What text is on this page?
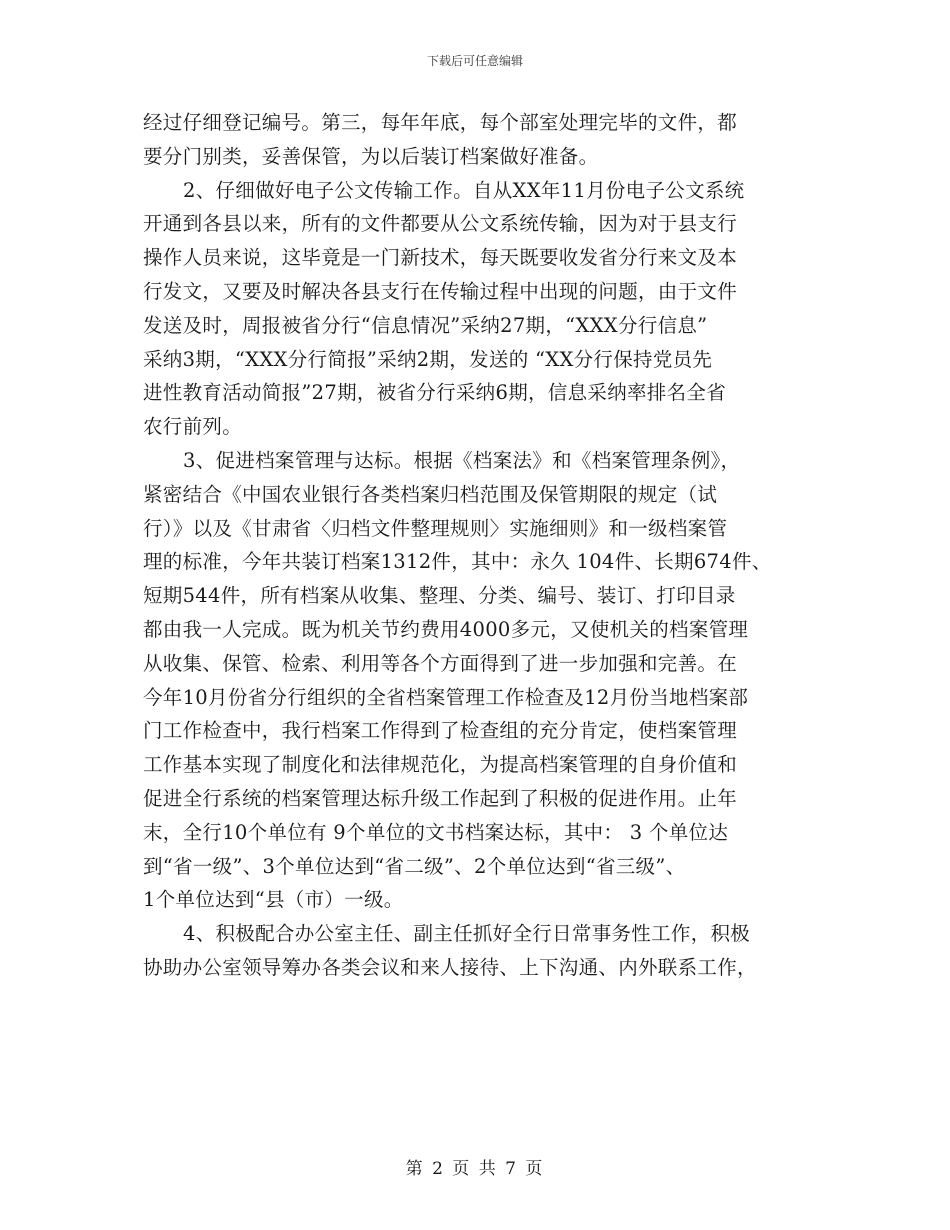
下载后可任意编辑
经过仔细登记编号。第三，每年年底，每个部室处理完毕的文件，都
要分门别类，妥善保管，为以后装订档案做好准备。
2、仔细做好电子公文传输工作。自从XX年11月份电子公文系统
开通到各县以来，所有的文件都要从公文系统传输，因为对于县支行
操作人员来说，这毕竟是一门新技术，每天既要收发省分行来文及本
行发文，又要及时解决各县支行在传输过程中出现的问题，由于文件
发送及时，周报被省分行“信息情况”采纳27期，“XXX分行信息”
采纳3期，“XXX分行简报”采纳2期，发送的 “XX分行保持党员先
进性教育活动简报”27期，被省分行采纳6期，信息采纳率排名全省
农行前列。
3、促进档案管理与达标。根据《档案法》和《档案管理条例》，
紧密结合《中国农业银行各类档案归档范围及保管期限的规定（试
行）》以及《甘肃省〈归档文件整理规则〉实施细则》和一级档案管
理的标准，今年共装订档案1312件，其中：永久 104件、长期674件、
短期544件，所有档案从收集、整理、分类、编号、装订、打印目录
都由我一人完成。既为机关节约费用4000多元，又使机关的档案管理
从收集、保管、检索、利用等各个方面得到了进一步加强和完善。在
今年10月份省分行组织的全省档案管理工作检查及12月份当地档案部
门工作检查中，我行档案工作得到了检查组的充分肯定，使档案管理
工作基本实现了制度化和法律规范化，为提高档案管理的自身价值和
促进全行系统的档案管理达标升级工作起到了积极的促进作用。止年
末，全行10个单位有 9个单位的文书档案达标，其中： 3 个单位达
到“省一级”、3个单位达到“省二级”、2个单位达到“省三级”、
1个单位达到“县（市）一级。
4、积极配合办公室主任、副主任抓好全行日常事务性工作，积极
协助办公室领导筹办各类会议和来人接待、上下沟通、内外联系工作，
第 2 页 共 7 页
